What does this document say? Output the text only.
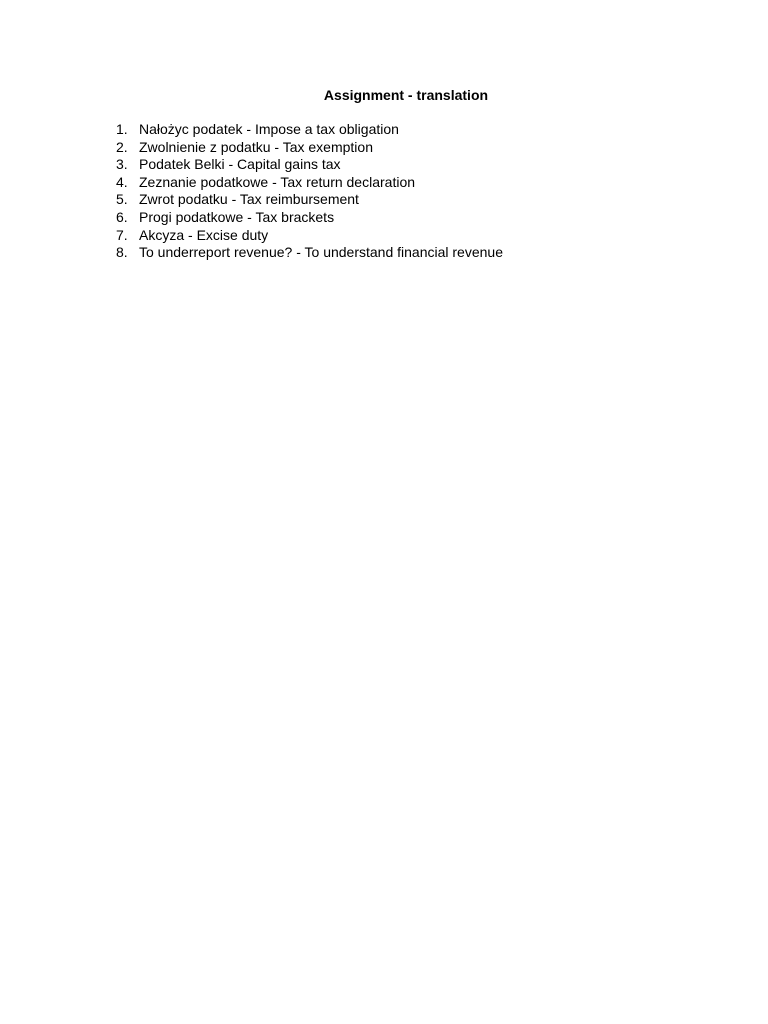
Assignment - translation
1. Nałożyc podatek - Impose a tax obligation
2. Zwolnienie z podatku - Tax exemption
3. Podatek Belki - Capital gains tax
4. Zeznanie podatkowe - Tax return declaration
5. Zwrot podatku - Tax reimbursement
6. Progi podatkowe - Tax brackets
7. Akcyza - Excise duty
8. To underreport revenue? - To understand financial revenue
